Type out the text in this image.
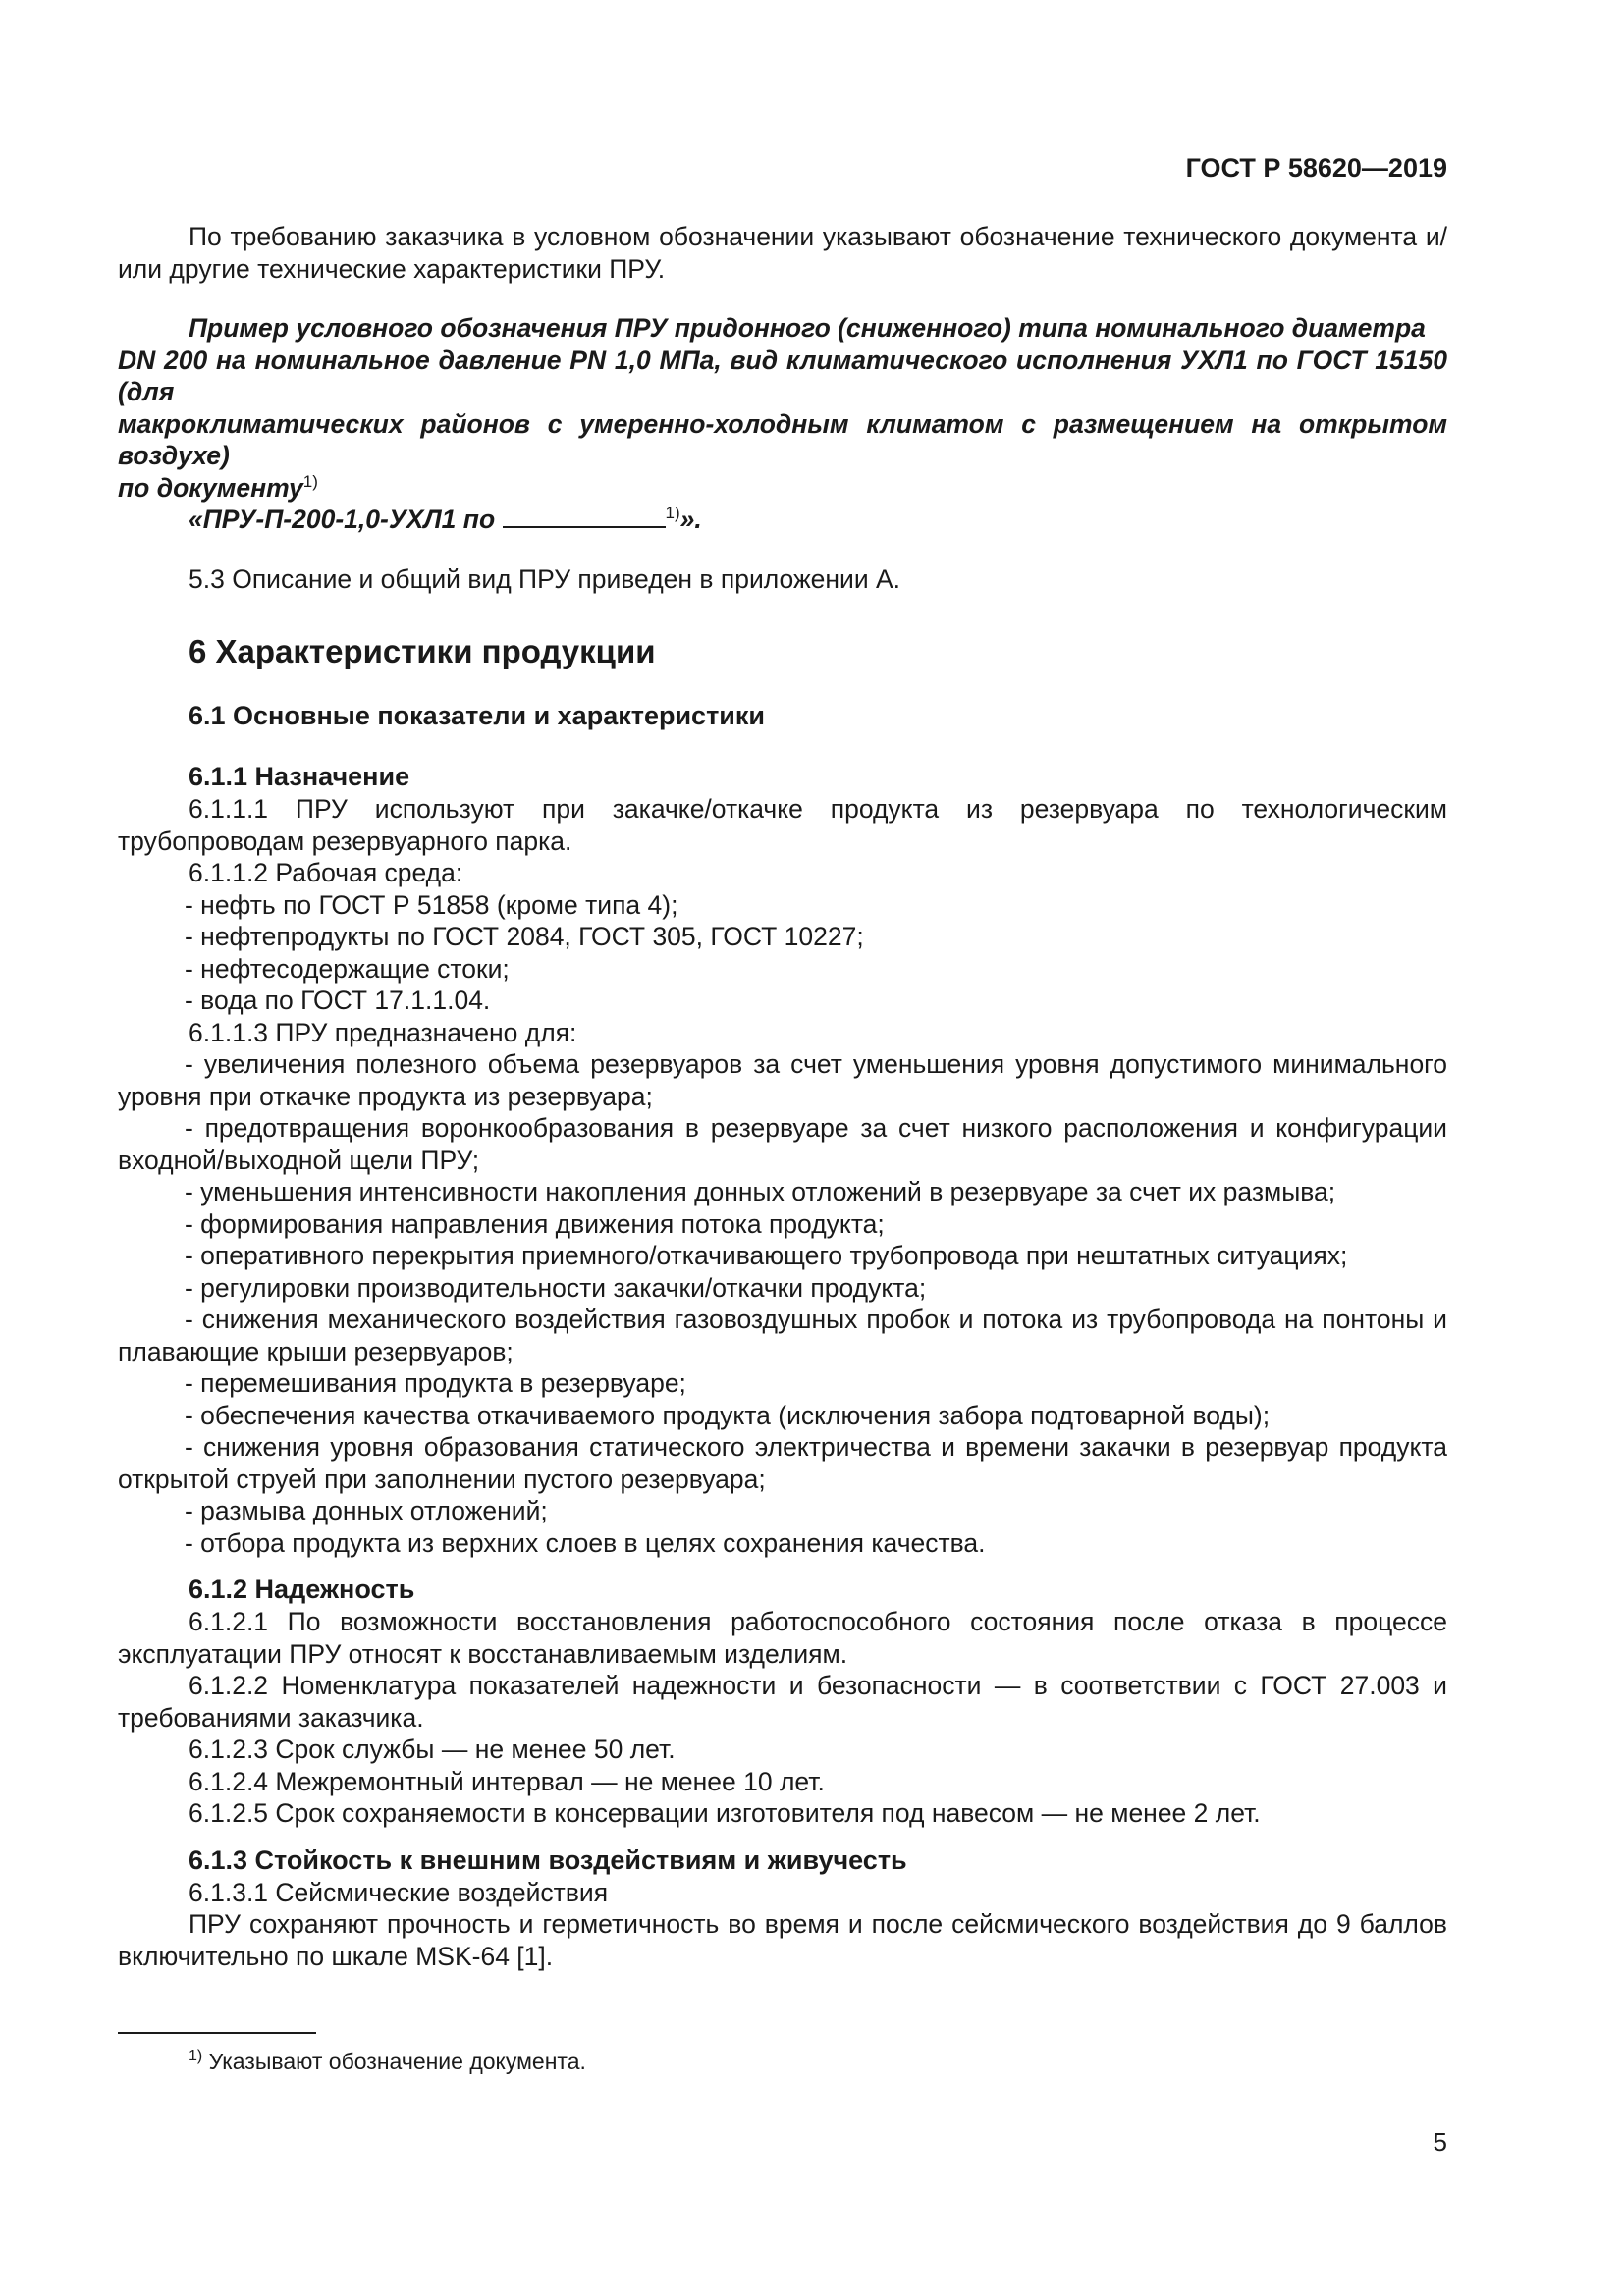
ГОСТ Р 58620—2019

По требованию заказчика в условном обозначении указывают обозначение технического документа и/или другие технические характеристики ПРУ.

Пример условного обозначения ПРУ придонного (сниженного) типа номинального диаметра

DN 200 на номинальное давление PN 1,0 МПа, вид климатического исполнения УХЛ1 по ГОСТ 15150 (для

макроклиматических районов с умеренно-холодным климатом с размещением на открытом воздухе)

по документу$^{1)}$

«ПРУ-П-200-1,0-УХЛ1 по	$^{1)}$».

5.3 Описание и общий вид ПРУ приведен в приложении А.

6 Характеристики продукции
6.1 Основные показатели и характеристики
6.1.1 Назначение

6.1.1.1 ПРУ используют при закачке/откачке продукта из резервуара по технологическим трубопроводам резервуарного парка.

6.1.1.2 Рабочая среда:

- нефть по ГОСТ Р 51858 (кроме типа 4);

- нефтепродукты по ГОСТ 2084, ГОСТ 305, ГОСТ 10227;

- нефтесодержащие стоки;

- вода по ГОСТ 17.1.1.04.

6.1.1.3 ПРУ предназначено для:

- увеличения полезного объема резервуаров за счет уменьшения уровня допустимого минимального уровня при откачке продукта из резервуара;

- предотвращения воронкообразования в резервуаре за счет низкого расположения и конфигурации входной/выходной щели ПРУ;

- уменьшения интенсивности накопления донных отложений в резервуаре за счет их размыва;

- формирования направления движения потока продукта;

- оперативного перекрытия приемного/откачивающего трубопровода при нештатных ситуациях;

- регулировки производительности закачки/откачки продукта;

- снижения механического воздействия газовоздушных пробок и потока из трубопровода на понтоны и плавающие крыши резервуаров;

- перемешивания продукта в резервуаре;

- обеспечения качества откачиваемого продукта (исключения забора подтоварной воды);

- снижения уровня образования статического электричества и времени закачки в резервуар продукта открытой струей при заполнении пустого резервуара;

- размыва донных отложений;

- отбора продукта из верхних слоев в целях сохранения качества.

6.1.2 Надежность

6.1.2.1 По возможности восстановления работоспособного состояния после отказа в процессе эксплуатации ПРУ относят к восстанавливаемым изделиям.

6.1.2.2 Номенклатура показателей надежности и безопасности — в соответствии с ГОСТ 27.003 и требованиями заказчика.

6.1.2.3 Срок службы — не менее 50 лет.

6.1.2.4 Межремонтный интервал — не менее 10 лет.

6.1.2.5 Срок сохраняемости в консервации изготовителя под навесом — не менее 2 лет.

6.1.3 Стойкость к внешним воздействиям и живучесть

6.1.3.1 Сейсмические воздействия

ПРУ сохраняют прочность и герметичность во время и после сейсмического воздействия до 9 баллов включительно по шкале MSK-64 [1].

$^{1)}$ Указывают обозначение документа.
5
